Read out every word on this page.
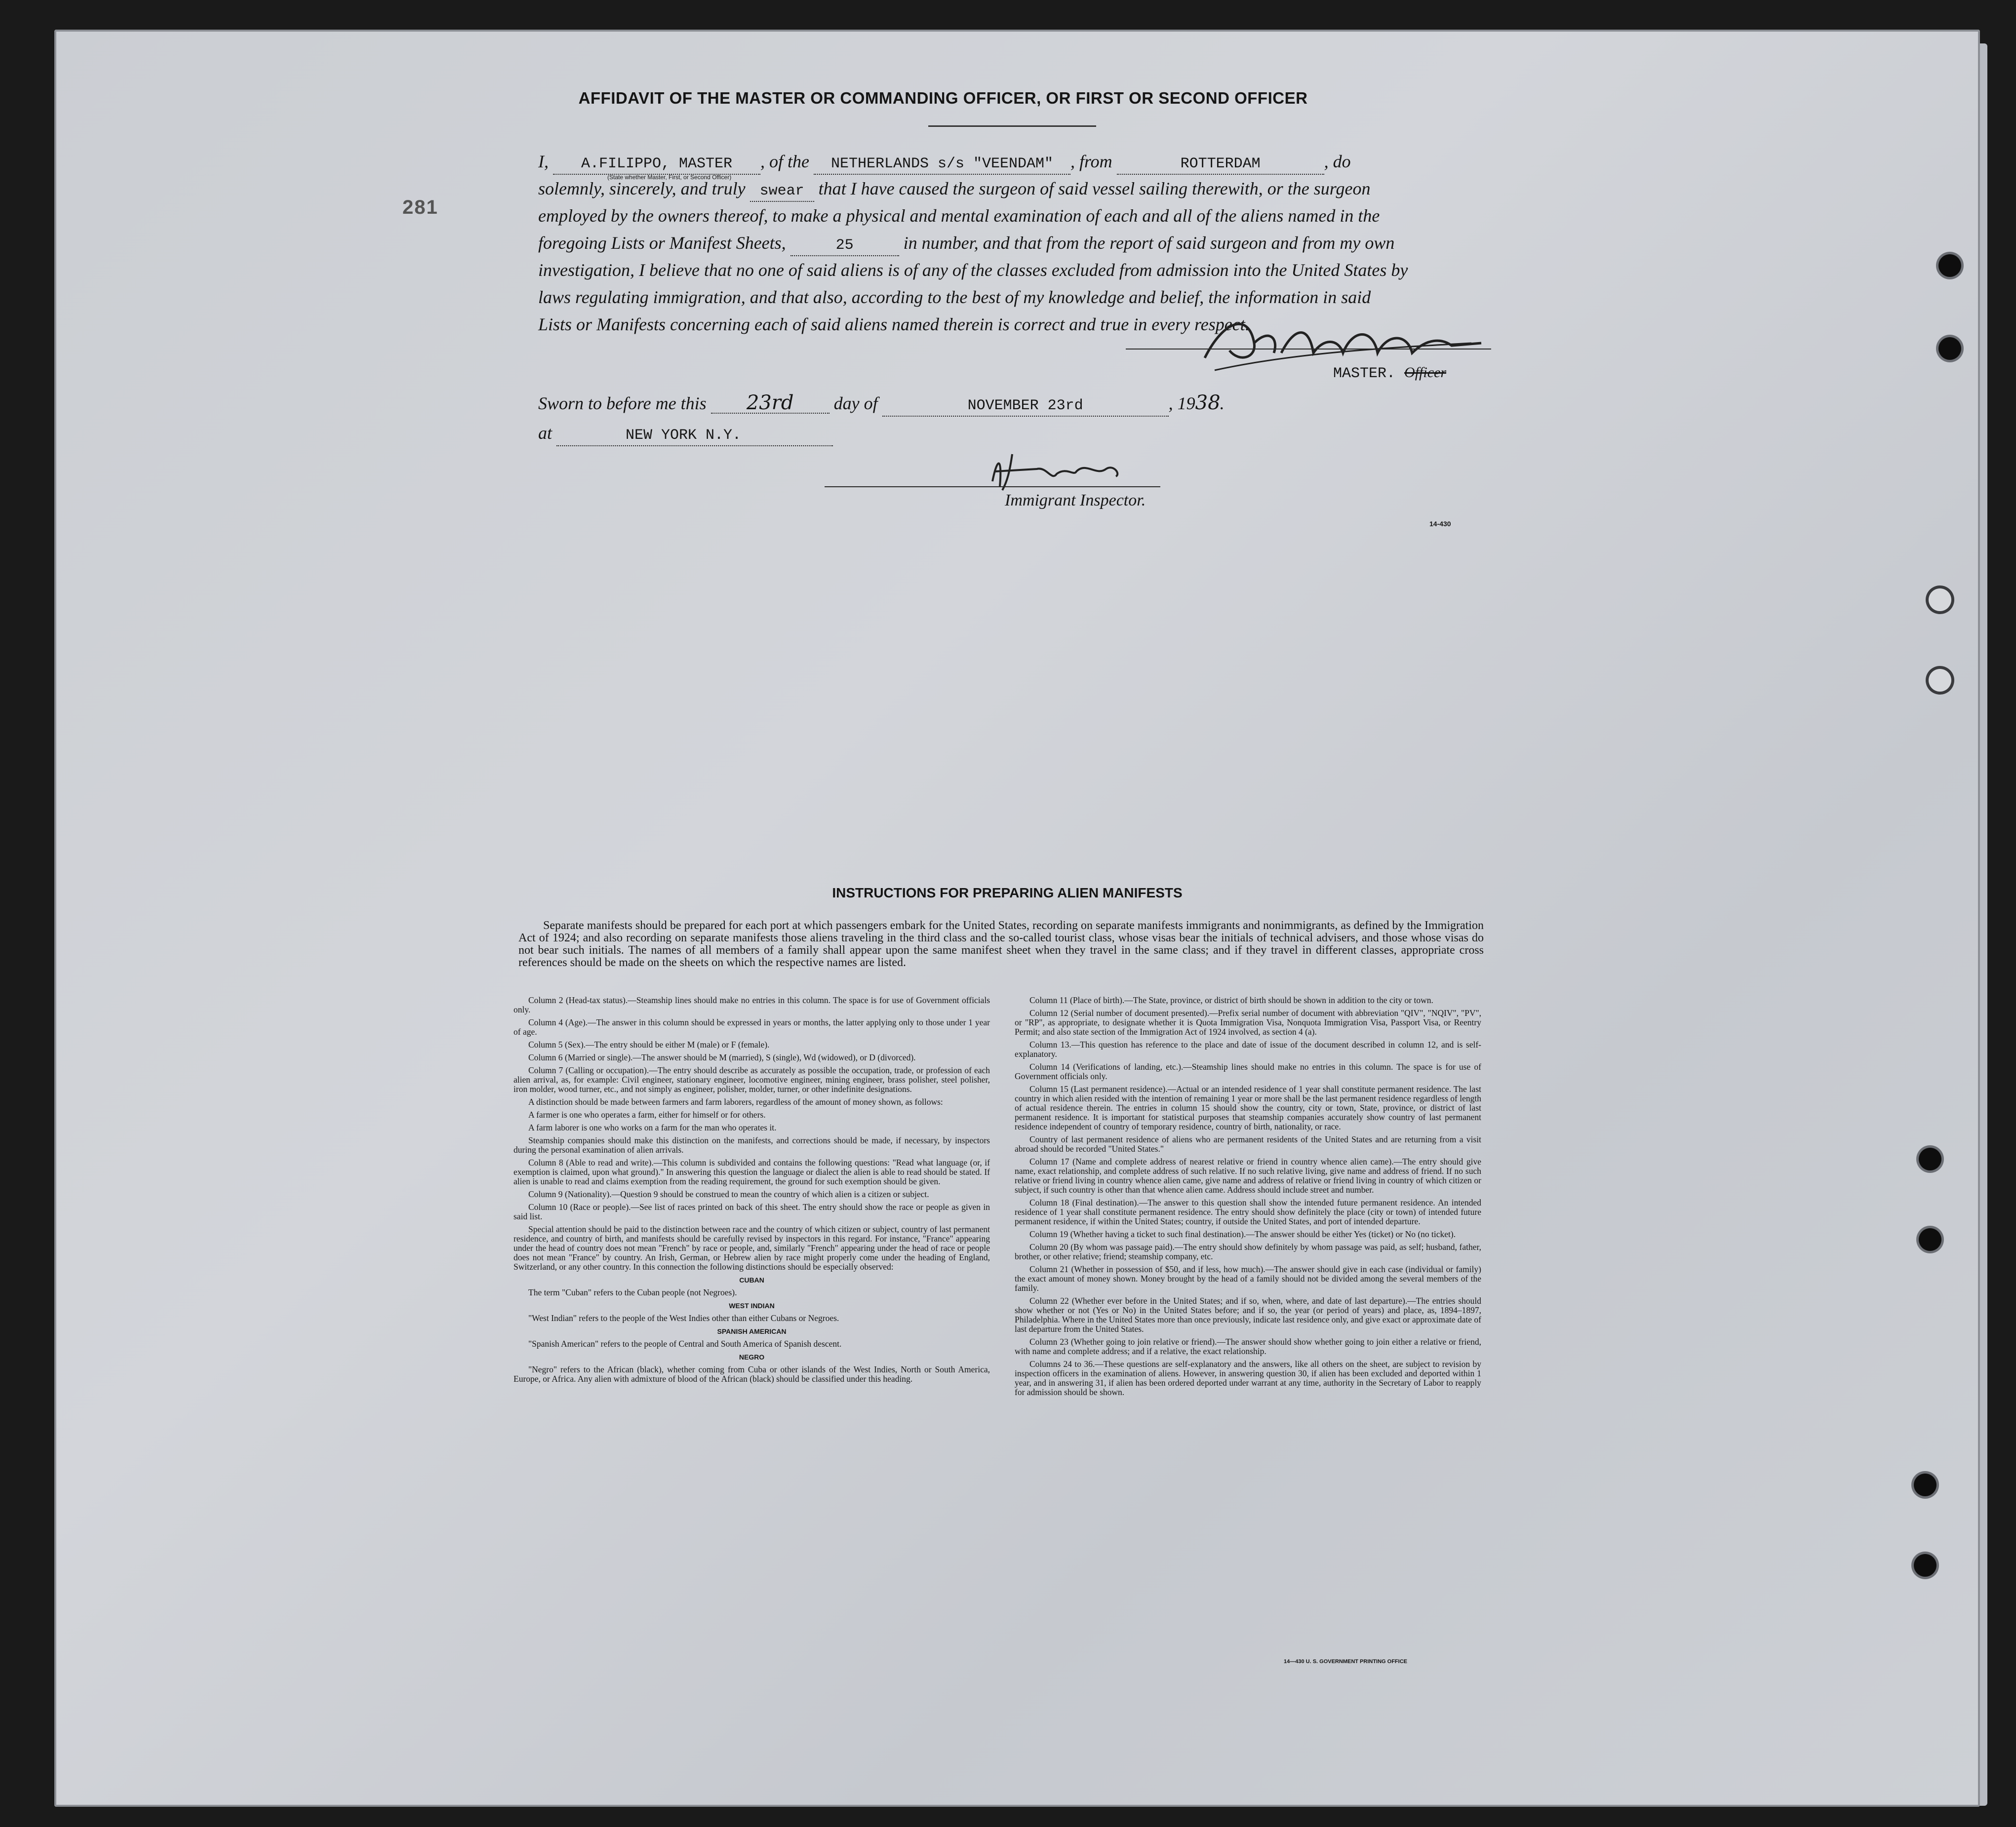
281
AFFIDAVIT OF THE MASTER OR COMMANDING OFFICER, OR FIRST OR SECOND OFFICER
I, A.FILIPPO, MASTER , of the NETHERLANDS s/s "VEENDAM" , from	ROTTERDAM	, do
solemnly, sincerely, and truly swear that I have caused the surgeon of said vessel sailing therewith, or the surgeon
employed by the owners thereof, to make a physical and mental examination of each and all of the aliens named in the
foregoing Lists or Manifest Sheets,	25	in number, and that from the report of said surgeon and from my own
investigation, I believe that no one of said aliens is of any of the classes excluded from admission into the United States by
laws regulating immigration, and that also, according to the best of my knowledge and belief, the information in said
Lists or Manifests concerning each of said aliens named therein is correct and true in every respect.
(State whether Master, First, or Second Officer)
MASTER. Officer
Sworn to before me this 23rd day of	NOVEMBER 23rd	, 1938.
at	NEW YORK N.Y.
Immigrant Inspector.
14-430
INSTRUCTIONS FOR PREPARING ALIEN MANIFESTS
Separate manifests should be prepared for each port at which passengers embark for the United States, recording on separate manifests immigrants and nonimmigrants, as defined by the Immigration Act of 1924; and also recording on separate manifests those aliens traveling in the third class and the so-called tourist class, whose visas bear the initials of technical advisers, and those whose visas do not bear such initials. The names of all members of a family shall appear upon the same manifest sheet when they travel in the same class; and if they travel in different classes, appropriate cross references should be made on the sheets on which the respective names are listed.

Column 2 (Head-tax status).—Steamship lines should make no entries in this column. The space is for use of Government officials only.

Column 4 (Age).—The answer in this column should be expressed in years or months, the latter applying only to those under 1 year of age.

Column 5 (Sex).—The entry should be either M (male) or F (female).

Column 6 (Married or single).—The answer should be M (married), S (single), Wd (widowed), or D (divorced).

Column 7 (Calling or occupation).—The entry should describe as accurately as possible the occupation, trade, or profession of each alien arrival, as, for example: Civil engineer, stationary engineer, locomotive engineer, mining engineer, brass polisher, steel polisher, iron molder, wood turner, etc., and not simply as engineer, polisher, molder, turner, or other indefinite designations.

A distinction should be made between farmers and farm laborers, regardless of the amount of money shown, as follows:

A farmer is one who operates a farm, either for himself or for others.

A farm laborer is one who works on a farm for the man who operates it.

Steamship companies should make this distinction on the manifests, and corrections should be made, if necessary, by inspectors during the personal examination of alien arrivals.

Column 8 (Able to read and write).—This column is subdivided and contains the following questions: "Read what language (or, if exemption is claimed, upon what ground)." In answering this question the language or dialect the alien is able to read should be stated. If alien is unable to read and claims exemption from the reading requirement, the ground for such exemption should be given.

Column 9 (Nationality).—Question 9 should be construed to mean the country of which alien is a citizen or subject.

Column 10 (Race or people).—See list of races printed on back of this sheet. The entry should show the race or people as given in said list.

Special attention should be paid to the distinction between race and the country of which citizen or subject, country of last permanent residence, and country of birth, and manifests should be carefully revised by inspectors in this regard. For instance, "France" appearing under the head of country does not mean "French" by race or people, and, similarly "French" appearing under the head of race or people does not mean "France" by country. An Irish, German, or Hebrew alien by race might properly come under the heading of England, Switzerland, or any other country. In this connection the following distinctions should be especially observed:

CUBAN

The term "Cuban" refers to the Cuban people (not Negroes).

WEST INDIAN

"West Indian" refers to the people of the West Indies other than either Cubans or Negroes.

SPANISH AMERICAN

"Spanish American" refers to the people of Central and South America of Spanish descent.

NEGRO

"Negro" refers to the African (black), whether coming from Cuba or other islands of the West Indies, North or South America, Europe, or Africa. Any alien with admixture of blood of the African (black) should be classified under this heading.

Column 11 (Place of birth).—The State, province, or district of birth should be shown in addition to the city or town.

Column 12 (Serial number of document presented).—Prefix serial number of document with abbreviation "QIV", "NQIV", "PV", or "RP", as appropriate, to designate whether it is Quota Immigration Visa, Nonquota Immigration Visa, Passport Visa, or Reentry Permit; and also state section of the Immigration Act of 1924 involved, as section 4 (a).

Column 13.—This question has reference to the place and date of issue of the document described in column 12, and is self-explanatory.

Column 14 (Verifications of landing, etc.).—Steamship lines should make no entries in this column. The space is for use of Government officials only.

Column 15 (Last permanent residence).—Actual or an intended residence of 1 year shall constitute permanent residence. The last country in which alien resided with the intention of remaining 1 year or more shall be the last permanent residence regardless of length of actual residence therein. The entries in column 15 should show the country, city or town, State, province, or district of last permanent residence. It is important for statistical purposes that steamship companies accurately show country of last permanent residence independent of country of temporary residence, country of birth, nationality, or race.

Country of last permanent residence of aliens who are permanent residents of the United States and are returning from a visit abroad should be recorded "United States."

Column 17 (Name and complete address of nearest relative or friend in country whence alien came).—The entry should give name, exact relationship, and complete address of such relative. If no such relative living, give name and address of friend. If no such relative or friend living in country whence alien came, give name and address of relative or friend living in country of which citizen or subject, if such country is other than that whence alien came. Address should include street and number.

Column 18 (Final destination).—The answer to this question shall show the intended future permanent residence. An intended residence of 1 year shall constitute permanent residence. The entry should show definitely the place (city or town) of intended future permanent residence, if within the United States; country, if outside the United States, and port of intended departure.

Column 19 (Whether having a ticket to such final destination).—The answer should be either Yes (ticket) or No (no ticket).

Column 20 (By whom was passage paid).—The entry should show definitely by whom passage was paid, as self; husband, father, brother, or other relative; friend; steamship company, etc.

Column 21 (Whether in possession of $50, and if less, how much).—The answer should give in each case (individual or family) the exact amount of money shown. Money brought by the head of a family should not be divided among the several members of the family.

Column 22 (Whether ever before in the United States; and if so, when, where, and date of last departure).—The entries should show whether or not (Yes or No) in the United States before; and if so, the year (or period of years) and place, as, 1894–1897, Philadelphia. Where in the United States more than once previously, indicate last residence only, and give exact or approximate date of last departure from the United States.

Column 23 (Whether going to join relative or friend).—The answer should show whether going to join either a relative or friend, with name and complete address; and if a relative, the exact relationship.

Columns 24 to 36.—These questions are self-explanatory and the answers, like all others on the sheet, are subject to revision by inspection officers in the examination of aliens. However, in answering question 30, if alien has been excluded and deported within 1 year, and in answering 31, if alien has been ordered deported under warrant at any time, authority in the Secretary of Labor to reapply for admission should be shown.

14—430 U. S. GOVERNMENT PRINTING OFFICE
